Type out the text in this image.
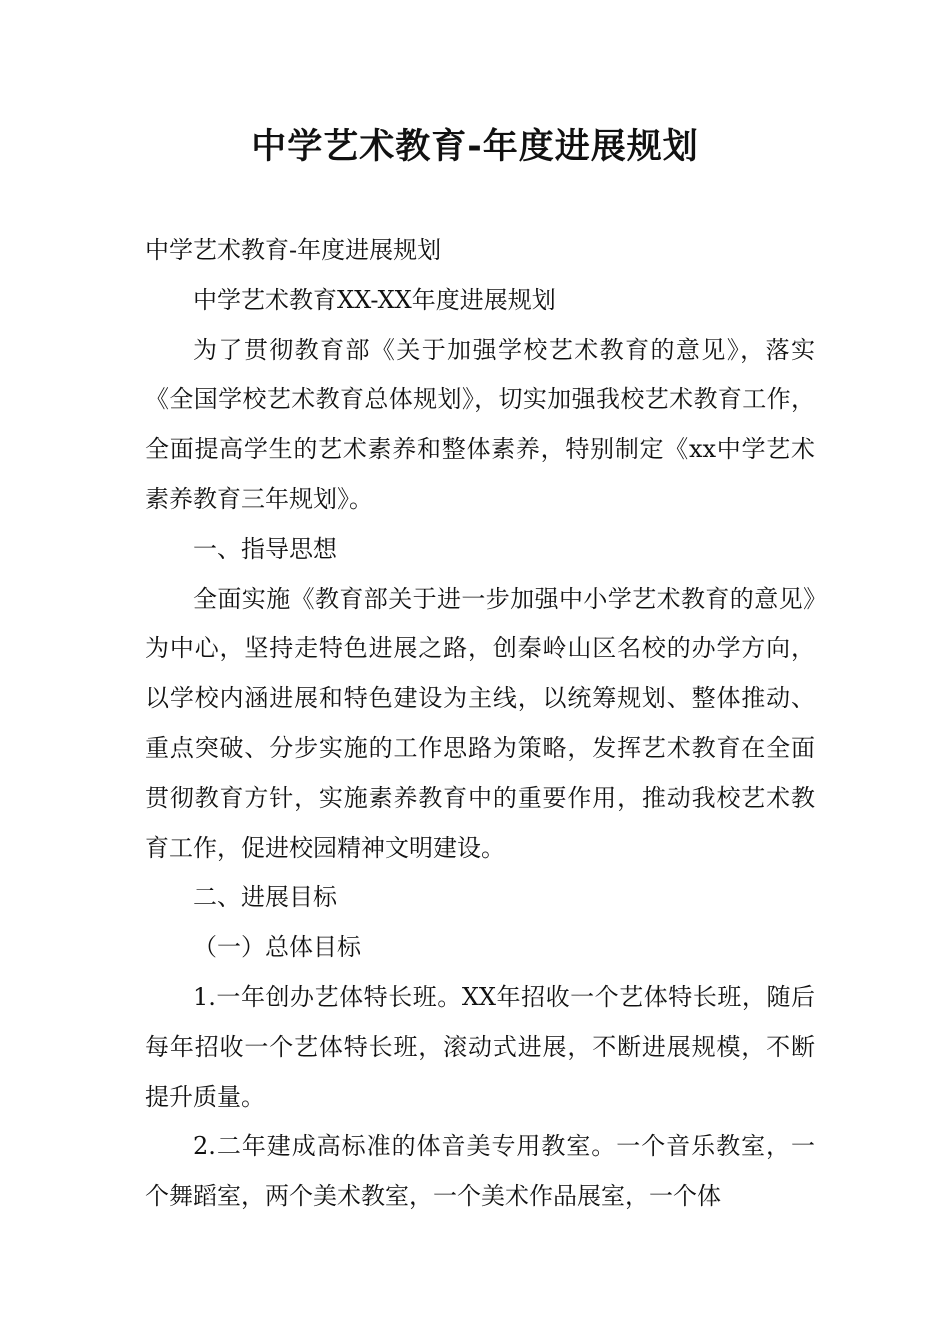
中学艺术教育-年度进展规划

中学艺术教育-年度进展规划

中学艺术教育XX-XX年度进展规划

为了贯彻教育部《关于加强学校艺术教育的意见》，落实《全国学校艺术教育总体规划》，切实加强我校艺术教育工作，全面提高学生的艺术素养和整体素养，特别制定《xx中学艺术素养教育三年规划》。

一、指导思想

全面实施《教育部关于进一步加强中小学艺术教育的意见》为中心，坚持走特色进展之路，创秦岭山区名校的办学方向，以学校内涵进展和特色建设为主线，以统筹规划、整体推动、重点突破、分步实施的工作思路为策略，发挥艺术教育在全面贯彻教育方针，实施素养教育中的重要作用，推动我校艺术教育工作，促进校园精神文明建设。

二、进展目标

（一）总体目标

1.一年创办艺体特长班。XX年招收一个艺体特长班，随后每年招收一个艺体特长班，滚动式进展，不断进展规模，不断提升质量。

2.二年建成高标准的体音美专用教室。一个音乐教室，一个舞蹈室，两个美术教室，一个美术作品展室，一个体
